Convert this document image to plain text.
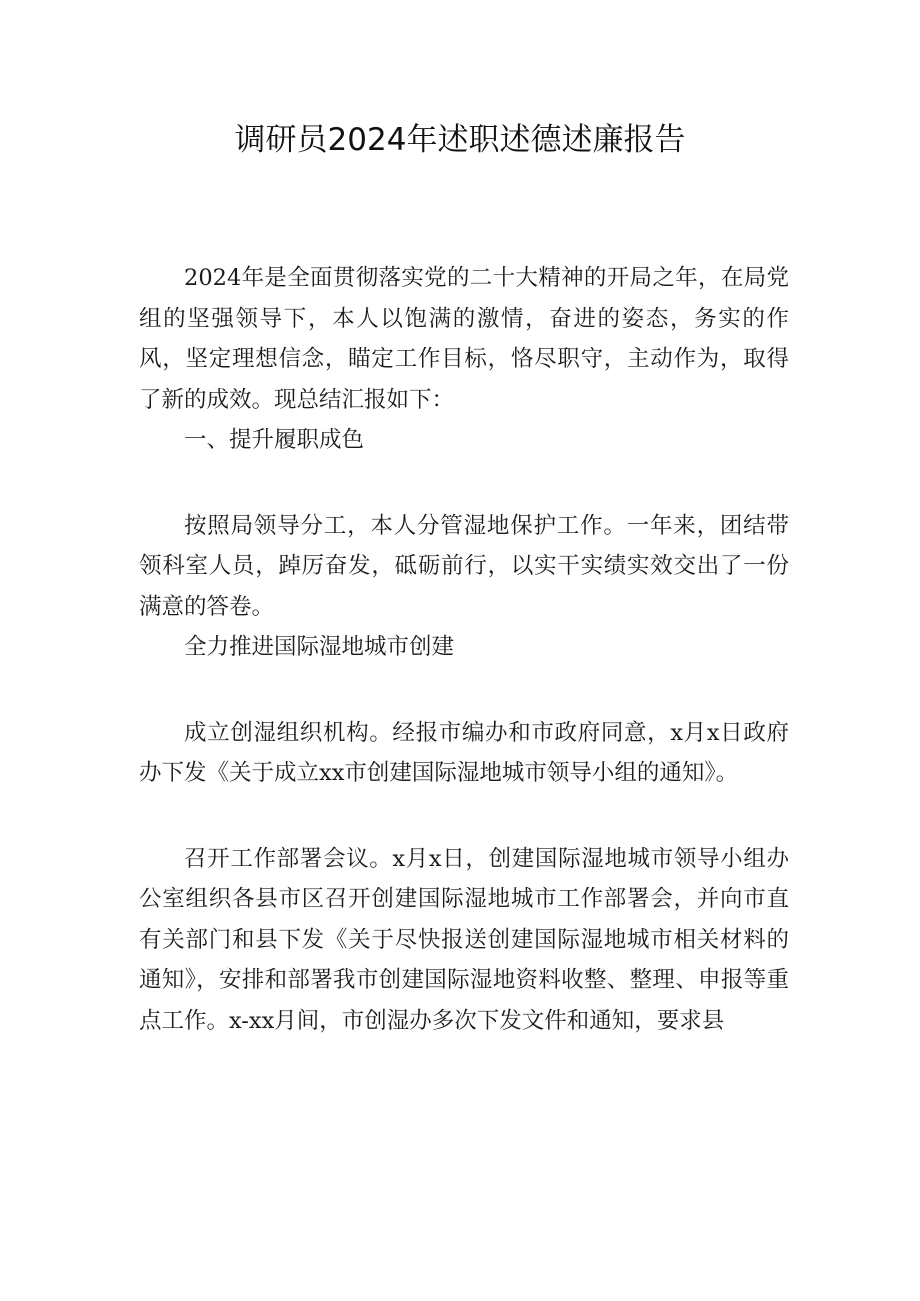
调研员2024年述职述德述廉报告

2024年是全面贯彻落实党的二十大精神的开局之年，在局党组的坚强领导下，本人以饱满的激情，奋进的姿态，务实的作风，坚定理想信念，瞄定工作目标，恪尽职守，主动作为，取得了新的成效。现总结汇报如下：

一、提升履职成色

按照局领导分工，本人分管湿地保护工作。一年来，团结带领科室人员，踔厉奋发，砥砺前行，以实干实绩实效交出了一份满意的答卷。

全力推进国际湿地城市创建

成立创湿组织机构。经报市编办和市政府同意，x月x日政府办下发《关于成立xx市创建国际湿地城市领导小组的通知》。

召开工作部署会议。x月x日，创建国际湿地城市领导小组办公室组织各县市区召开创建国际湿地城市工作部署会，并向市直有关部门和县下发《关于尽快报送创建国际湿地城市相关材料的通知》，安排和部署我市创建国际湿地资料收整、整理、申报等重点工作。x-xx月间，市创湿办多次下发文件和通知，要求县
